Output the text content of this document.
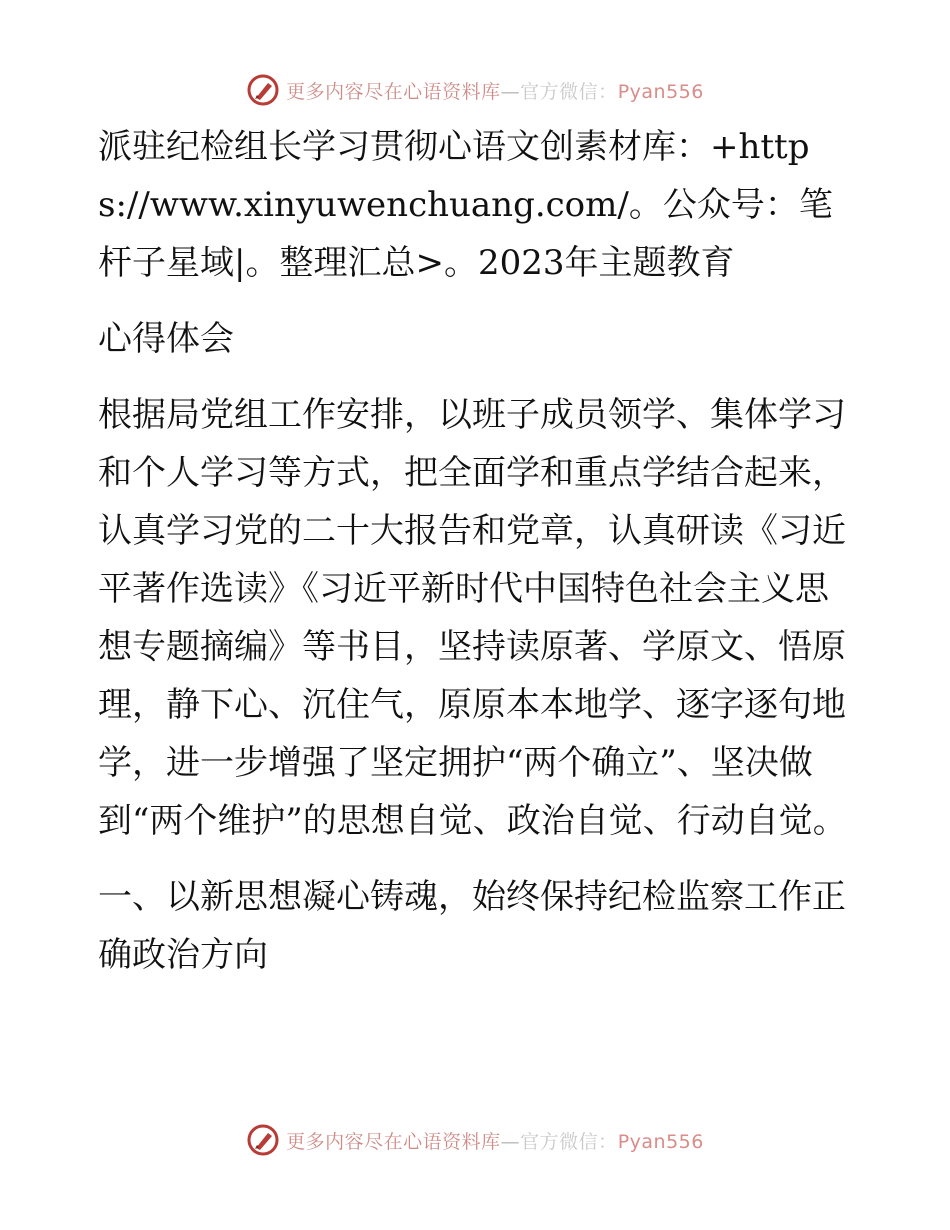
更多内容尽在心语资料库—官方微信：Pyan556

派驻纪检组长学习贯彻心语文创素材库：+https://www.xinyuwenchuang.com/。公众号：笔杆子星域|。整理汇总>。2023年主题教育

心得体会

根据局党组工作安排，以班子成员领学、集体学习和个人学习等方式，把全面学和重点学结合起来，认真学习党的二十大报告和党章，认真研读《习近平著作选读》《习近平新时代中国特色社会主义思想专题摘编》等书目，坚持读原著、学原文、悟原理，静下心、沉住气，原原本本地学、逐字逐句地学，进一步增强了坚定拥护“两个确立”、坚决做到“两个维护”的思想自觉、政治自觉、行动自觉。

一、以新思想凝心铸魂，始终保持纪检监察工作正确政治方向

更多内容尽在心语资料库—官方微信：Pyan556
